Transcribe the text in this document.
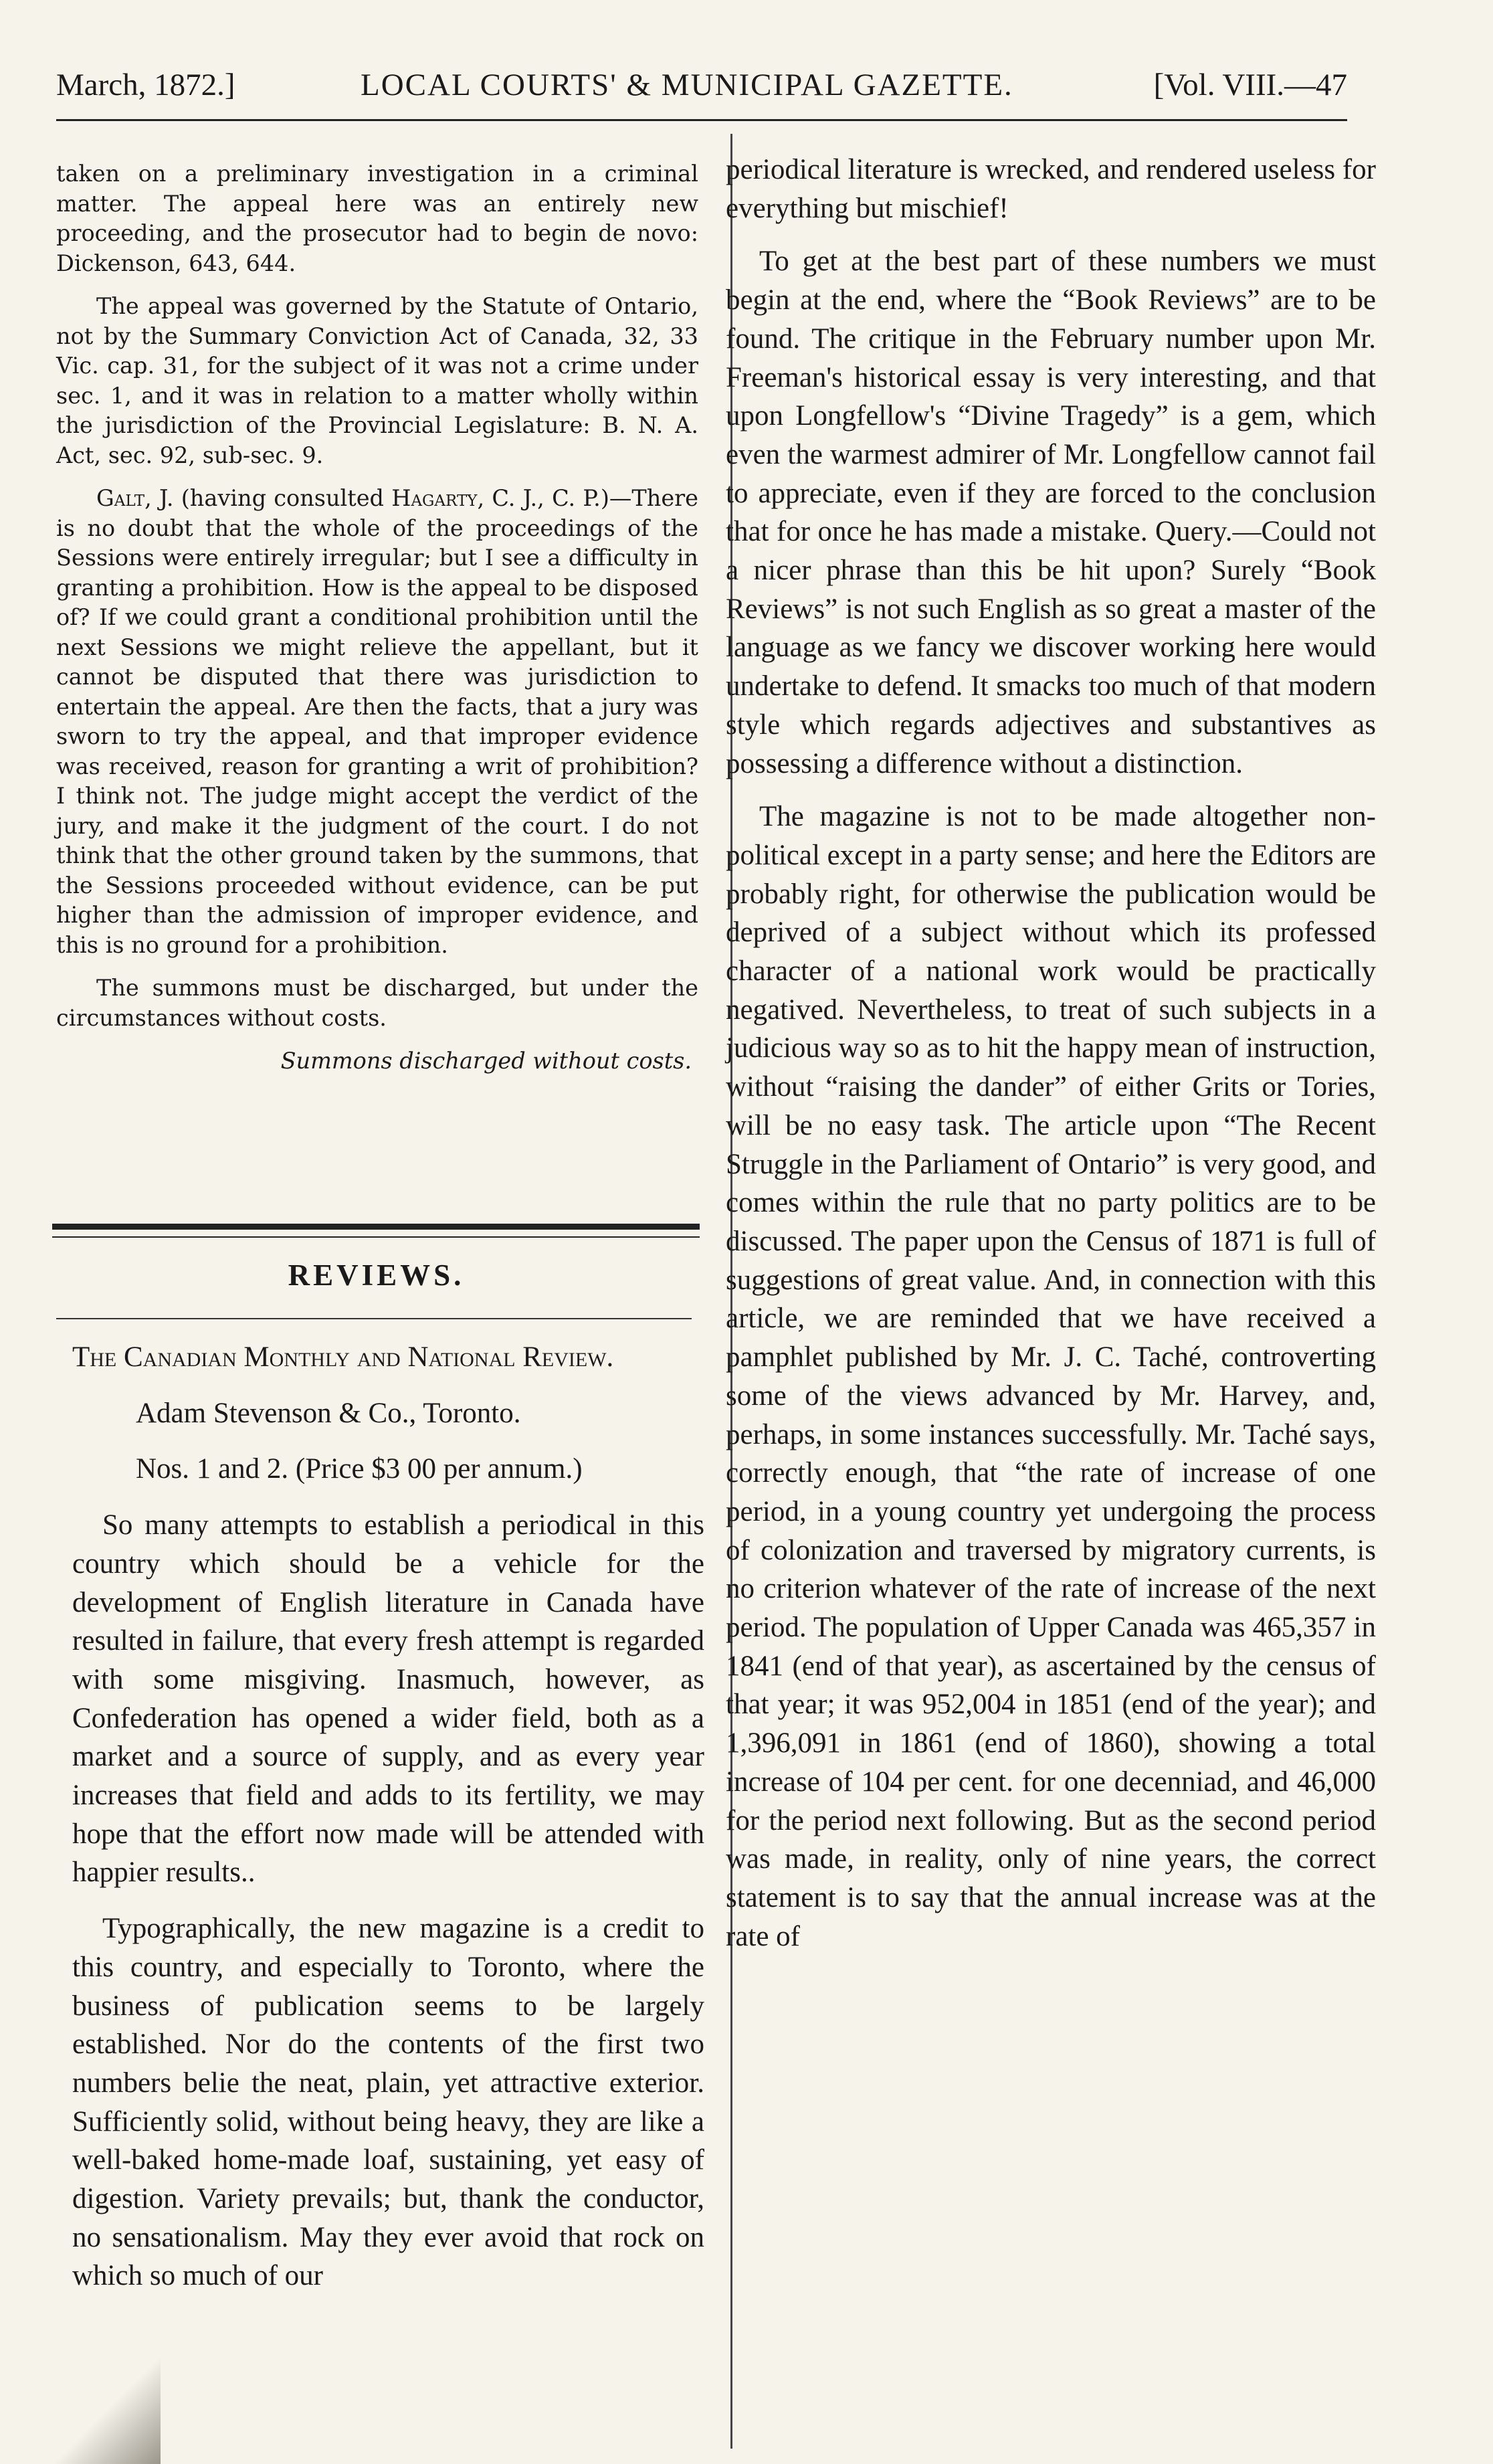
March, 1872.]	LOCAL COURTS' & MUNICIPAL GAZETTE.	[Vol. VIII.—47

taken on a preliminary investigation in a criminal matter. The appeal here was an entirely new proceeding, and the prosecutor had to begin de novo: Dickenson, 643, 644.

The appeal was governed by the Statute of Ontario, not by the Summary Conviction Act of Canada, 32, 33 Vic. cap. 31, for the subject of it was not a crime under sec. 1, and it was in relation to a matter wholly within the jurisdiction of the Provincial Legislature: B. N. A. Act, sec. 92, sub-sec. 9.

Galt, J. (having consulted Hagarty, C. J., C. P.)—There is no doubt that the whole of the proceedings of the Sessions were entirely irregular; but I see a difficulty in granting a prohibition. How is the appeal to be disposed of? If we could grant a conditional prohibition until the next Sessions we might relieve the appellant, but it cannot be disputed that there was jurisdiction to entertain the appeal. Are then the facts, that a jury was sworn to try the appeal, and that improper evidence was received, reason for granting a writ of prohibition? I think not. The judge might accept the verdict of the jury, and make it the judgment of the court. I do not think that the other ground taken by the summons, that the Sessions proceeded without evidence, can be put higher than the admission of improper evidence, and this is no ground for a prohibition.

The summons must be discharged, but under the circumstances without costs.

Summons discharged without costs.

REVIEWS.

The Canadian Monthly and National Review.

Adam Stevenson & Co., Toronto.

Nos. 1 and 2. (Price $3 00 per annum.)

So many attempts to establish a periodical in this country which should be a vehicle for the development of English literature in Canada have resulted in failure, that every fresh attempt is regarded with some misgiving. Inasmuch, however, as Confederation has opened a wider field, both as a market and a source of supply, and as every year increases that field and adds to its fertility, we may hope that the effort now made will be attended with happier results..

Typographically, the new magazine is a credit to this country, and especially to Toronto, where the business of publication seems to be largely established. Nor do the contents of the first two numbers belie the neat, plain, yet attractive exterior. Sufficiently solid, without being heavy, they are like a well-baked home-made loaf, sustaining, yet easy of digestion. Variety prevails; but, thank the conductor, no sensationalism. May they ever avoid that rock on which so much of our

periodical literature is wrecked, and rendered useless for everything but mischief!

To get at the best part of these numbers we must begin at the end, where the “Book Reviews” are to be found. The critique in the February number upon Mr. Freeman's historical essay is very interesting, and that upon Longfellow's “Divine Tragedy” is a gem, which even the warmest admirer of Mr. Longfellow cannot fail to appreciate, even if they are forced to the conclusion that for once he has made a mistake. Query.—Could not a nicer phrase than this be hit upon? Surely “Book Reviews” is not such English as so great a master of the language as we fancy we discover working here would undertake to defend. It smacks too much of that modern style which regards adjectives and substantives as possessing a difference without a distinction.

The magazine is not to be made altogether non-political except in a party sense; and here the Editors are probably right, for otherwise the publication would be deprived of a subject without which its professed character of a national work would be practically negatived. Nevertheless, to treat of such subjects in a judicious way so as to hit the happy mean of instruction, without “raising the dander” of either Grits or Tories, will be no easy task. The article upon “The Recent Struggle in the Parliament of Ontario” is very good, and comes within the rule that no party politics are to be discussed. The paper upon the Census of 1871 is full of suggestions of great value. And, in connection with this article, we are reminded that we have received a pamphlet published by Mr. J. C. Taché, controverting some of the views advanced by Mr. Harvey, and, perhaps, in some instances successfully. Mr. Taché says, correctly enough, that “the rate of increase of one period, in a young country yet undergoing the process of colonization and traversed by migratory currents, is no criterion whatever of the rate of increase of the next period. The population of Upper Canada was 465,357 in 1841 (end of that year), as ascertained by the census of that year; it was 952,004 in 1851 (end of the year); and 1,396,091 in 1861 (end of 1860), showing a total increase of 104 per cent. for one decenniad, and 46,000 for the period next following. But as the second period was made, in reality, only of nine years, the correct statement is to say that the annual increase was at the rate of
